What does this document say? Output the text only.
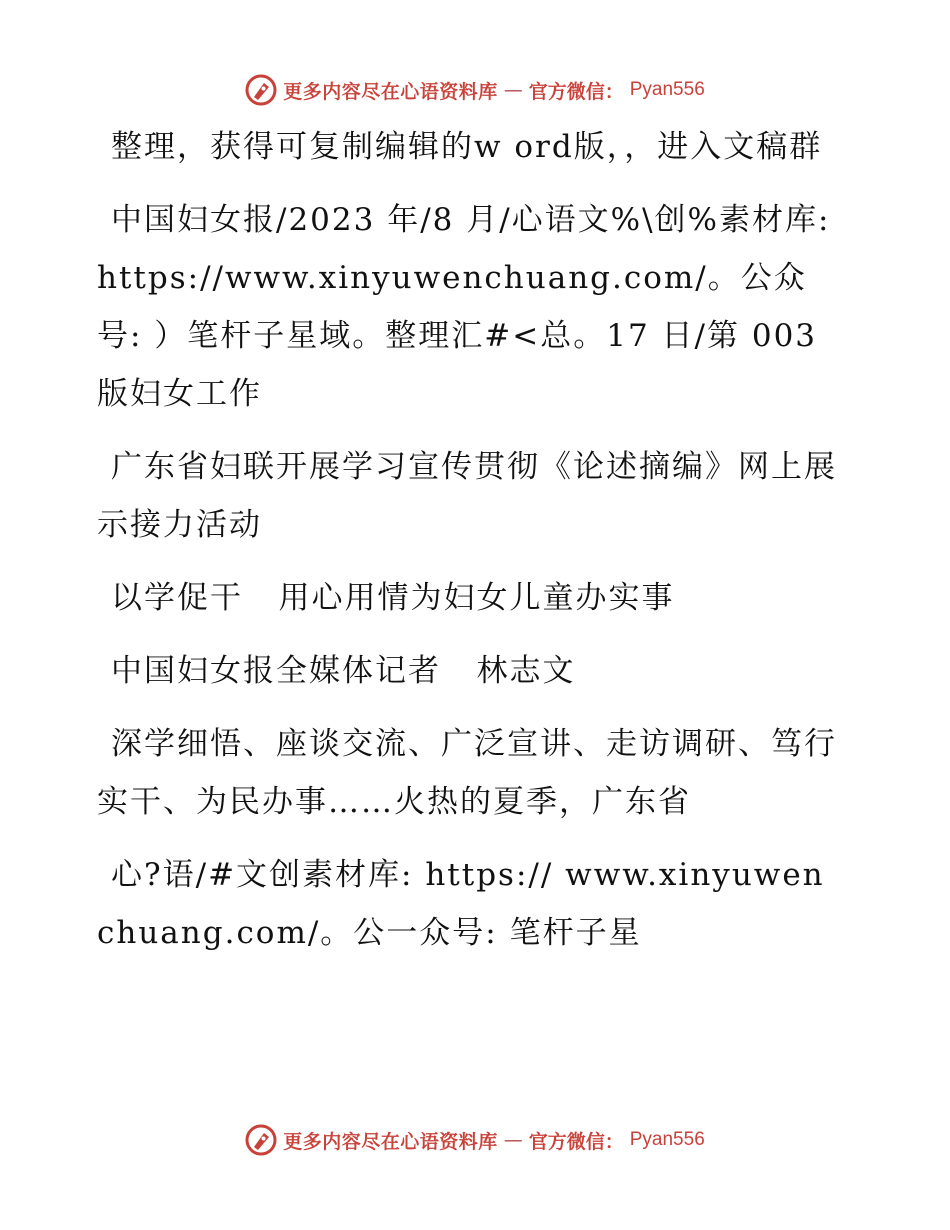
更多内容尽在心语资料库 — 官方微信： Pyan556

整理，获得可复制编辑的w ord版，，进入文稿群

中国妇女报/2023 年/8 月/心语文%\创%素材库: https://www.xinyuwenchuang.com/。公众号: ）笔杆子星域。整理汇#<总。17 日/第 003 版妇女工作

广东省妇联开展学习宣传贯彻《论述摘编》网上展示接力活动

以学促干   用心用情为妇女儿童办实事

中国妇女报全媒体记者   林志文

深学细悟、座谈交流、广泛宣讲、走访调研、笃行实干、为民办事……火热的夏季，广东省

心?语/#文创素材库: https:// www.xinyuwenchuang.com/。公一众号: 笔杆子星

更多内容尽在心语资料库 — 官方微信： Pyan556
